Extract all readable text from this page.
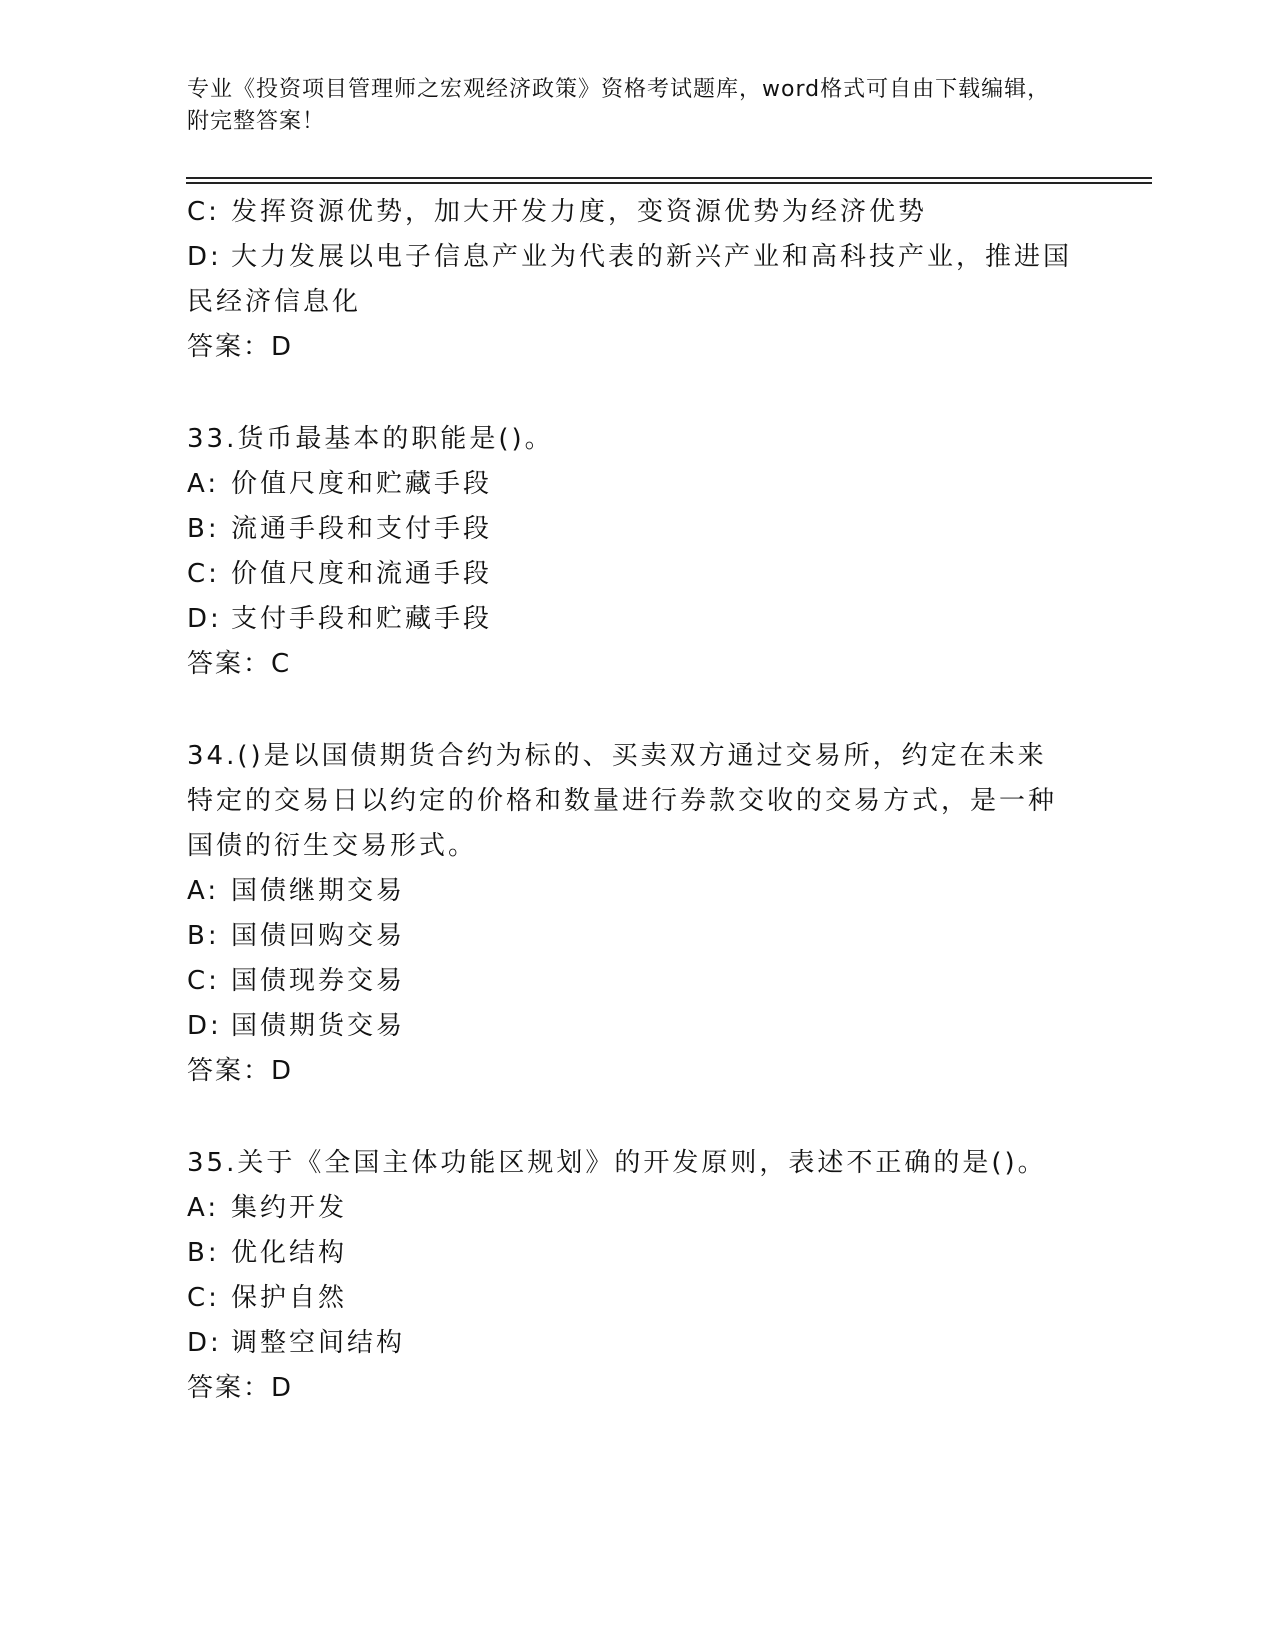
专业《投资项目管理师之宏观经济政策》资格考试题库，word格式可自由下载编辑，附完整答案！
C: 发挥资源优势，加大开发力度，变资源优势为经济优势
D: 大力发展以电子信息产业为代表的新兴产业和高科技产业，推进国民经济信息化
答案：D
33.货币最基本的职能是()。
A: 价值尺度和贮藏手段
B: 流通手段和支付手段
C: 价值尺度和流通手段
D: 支付手段和贮藏手段
答案：C
34.()是以国债期货合约为标的、买卖双方通过交易所，约定在未来特定的交易日以约定的价格和数量进行券款交收的交易方式，是一种国债的衍生交易形式。
A: 国债继期交易
B: 国债回购交易
C: 国债现券交易
D: 国债期货交易
答案：D
35.关于《全国主体功能区规划》的开发原则，表述不正确的是()。
A: 集约开发
B: 优化结构
C: 保护自然
D: 调整空间结构
答案：D
